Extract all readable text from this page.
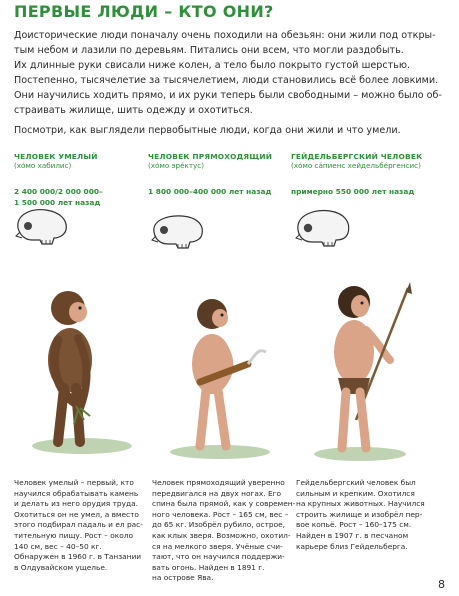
ПЕРВЫЕ ЛЮДИ – КТО ОНИ?
Доисторические люди поначалу очень походили на обезьян: они жили под откры-
тым небом и лазили по деревьям. Питались они всем, что могли раздобыть.
Их длинные руки свисали ниже колен, а тело было покрыто густой шерстью.
Постепенно, тысячелетие за тысячелетием, люди становились всё более ловкими.
Они научились ходить прямо, и их руки теперь были свободными – можно было об-
страивать жилище, шить одежду и охотиться.

Посмотри, как выглядели первобытные люди, когда они жили и что умели.

ЧЕЛОВЕК УМЕЛЫЙ
(хо́мо хабилис)
2 400 000/2 000 000–
1 500 000 лет назад
ЧЕЛОВЕК ПРЯМОХОДЯЩИЙ
(хо́мо эре́ктус)
1 800 000–400 000 лет назад
ГЕЙДЕЛЬБЕРГСКИЙ ЧЕЛОВЕК
(хо́мо са́пиенс хейдельбе́ргенсис)
примерно 550 000 лет назад
Человек умелый – первый, кто
научился обрабатывать камень
и делать из него орудия труда.
Охотиться он не умел, а вместо
этого подбирал падаль и ел рас-
тительную пищу. Рост – около
140 см, вес – 40–50 кг.
Обнаружен в 1960 г. в Танзании
в Олдувайском ущелье.
Человек прямоходящий уверенно
передвигался на двух ногах. Его
спина была прямой, как у современ-
ного человека. Рост – 165 см, вес –
до 65 кг. Изобрёл рубило, острое,
как клык зверя. Возможно, охотил-
ся на мелкого зверя. Учёные счи-
тают, что он научился поддержи-
вать огонь. Найден в 1891 г.
на острове Ява.
Гейдельбергский человек был
сильным и крепким. Охотился
на крупных животных. Научился
строить жилище и изобрёл пер-
вое копьё. Рост – 160–175 см.
Найден в 1907 г. в песчаном
карьере близ Гейдельберга.
8
